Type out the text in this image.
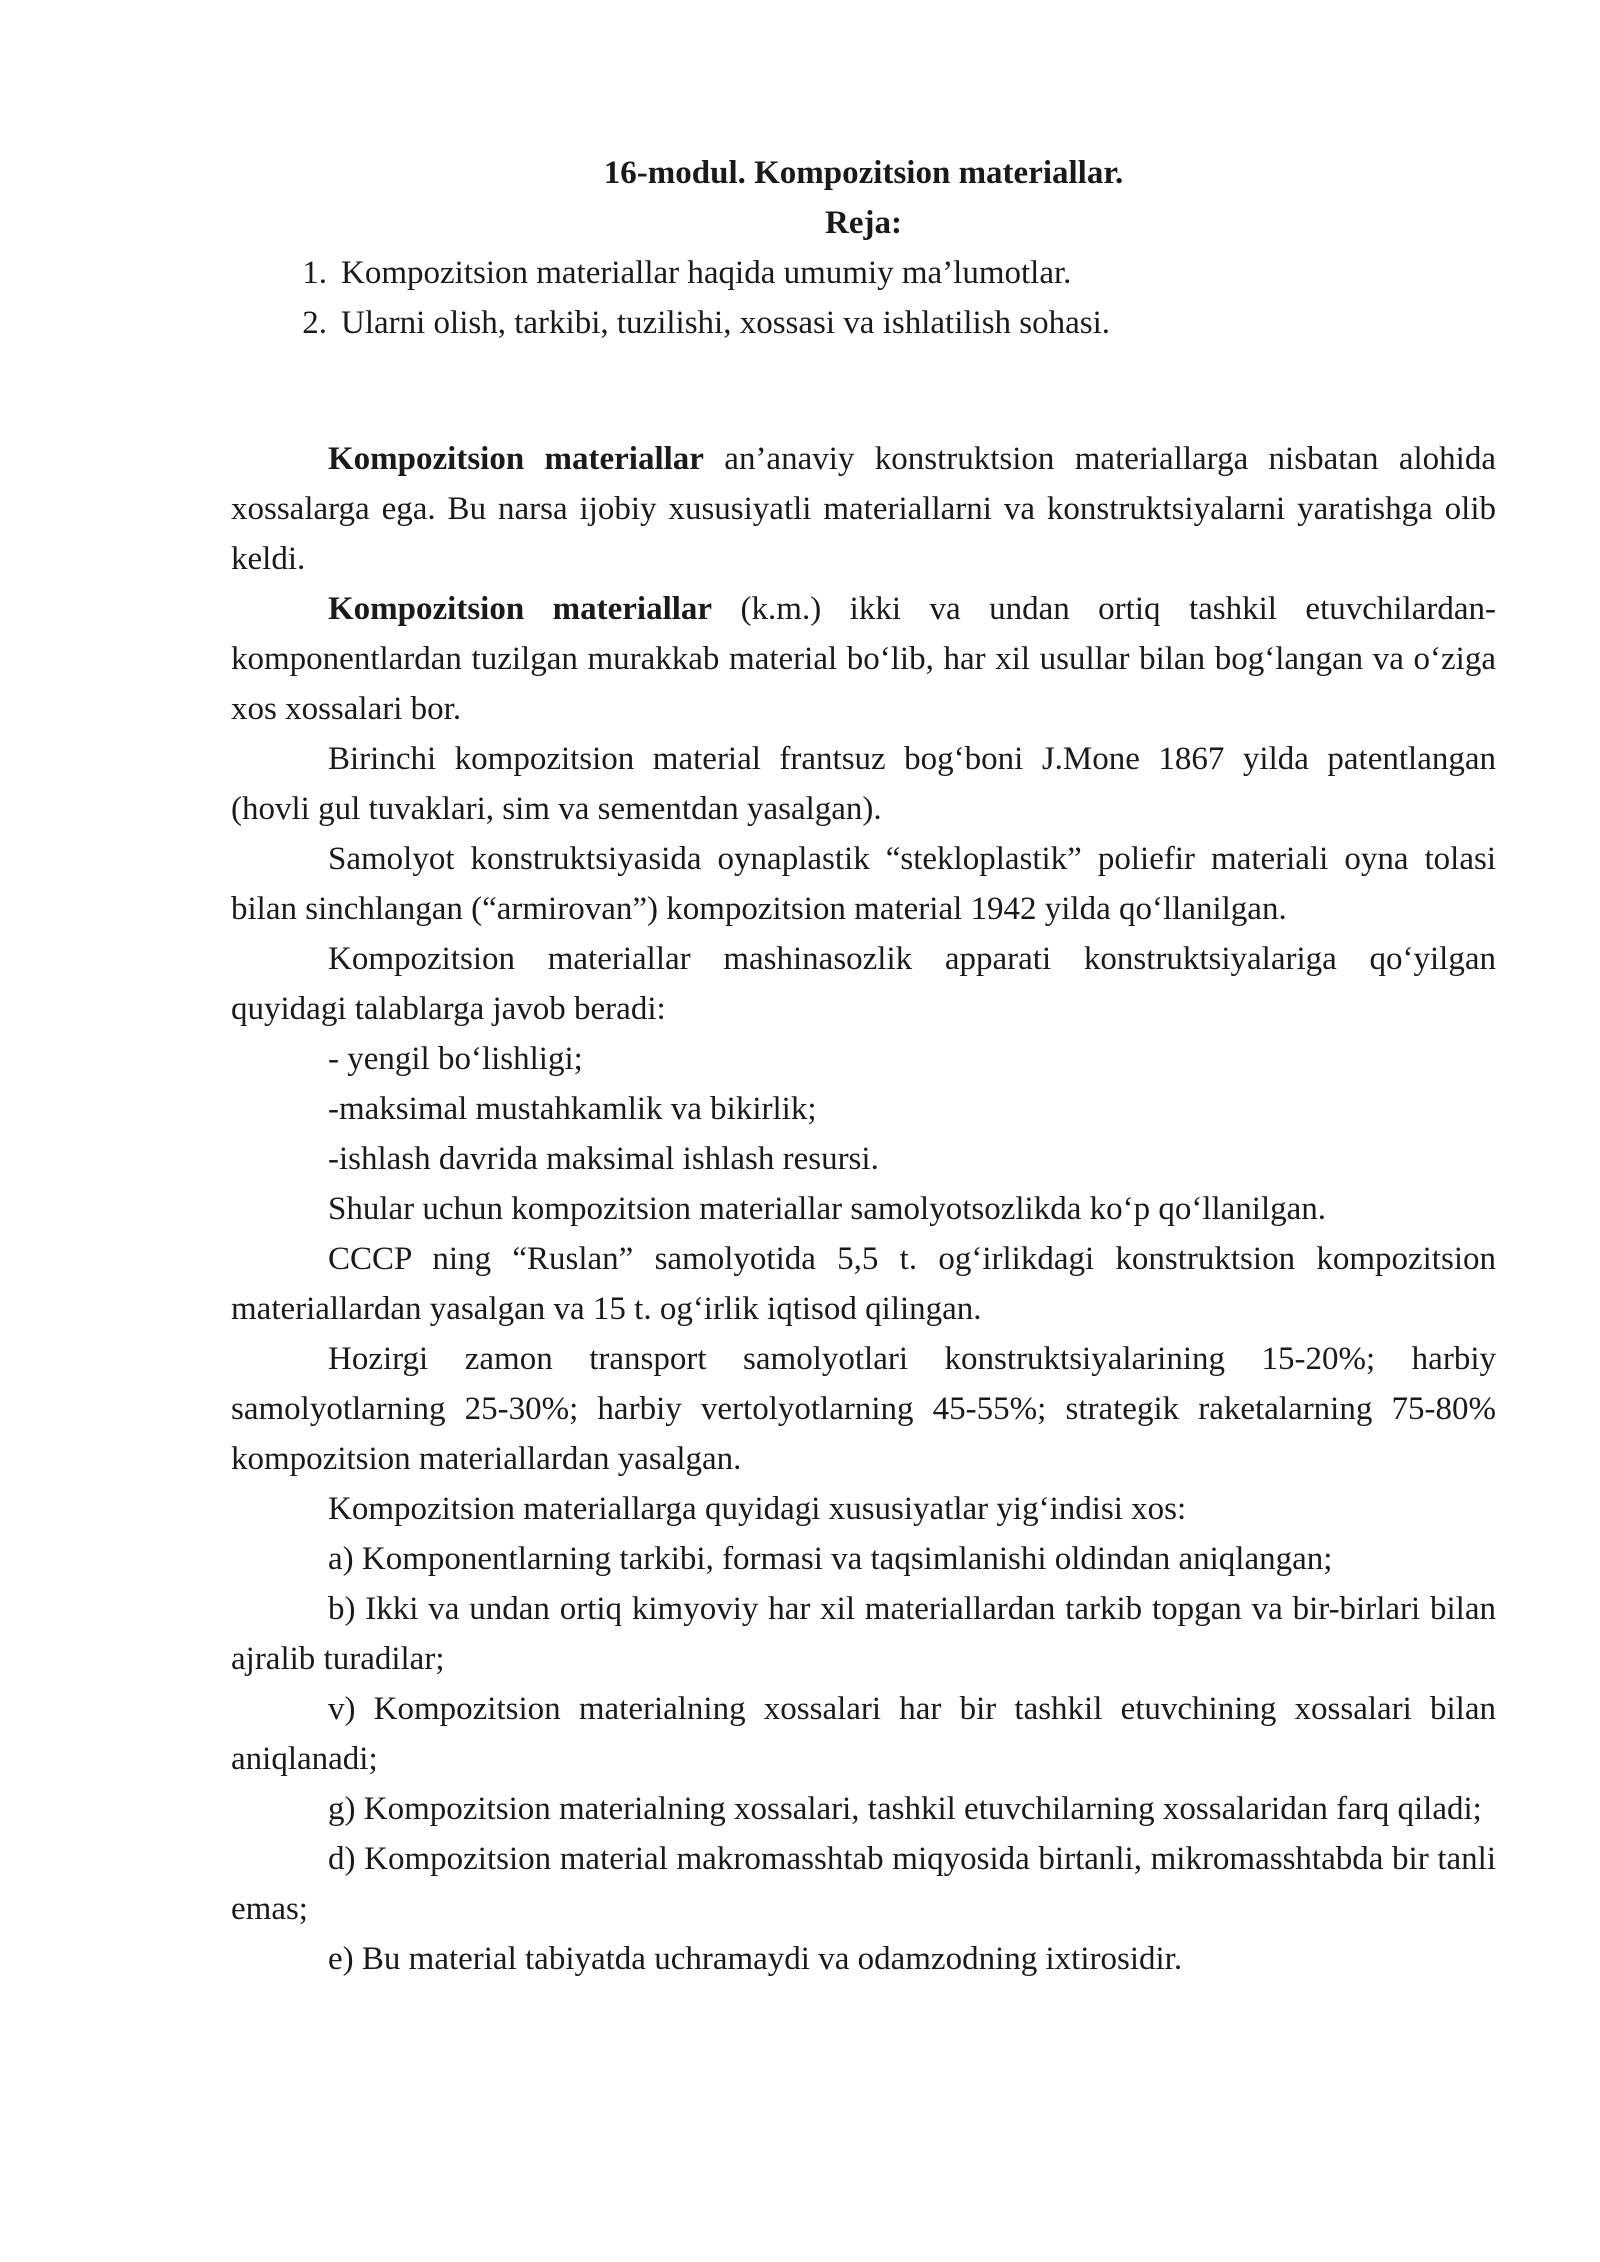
16-modul. Kompozitsion materiallar.

Reja:

1. Kompozitsion materiallar haqida umumiy ma’lumotlar.
2. Ularni olish, tarkibi, tuzilishi, xossasi va ishlatilish sohasi.

Kompozitsion materiallar an’anaviy konstruktsion materiallarga nisbatan alohida xossalarga ega. Bu narsa ijobiy xususiyatli materiallarni va konstruktsiyalarni yaratishga olib keldi.

Kompozitsion materiallar (k.m.) ikki va undan ortiq tashkil etuvchilardan-komponentlardan tuzilgan murakkab material bo‘lib, har xil usullar bilan bog‘langan va o‘ziga xos xossalari bor.

Birinchi kompozitsion material frantsuz bog‘boni J.Mone 1867 yilda patentlangan (hovli gul tuvaklari, sim va sementdan yasalgan).

Samolyot konstruktsiyasida oynaplastik “stekloplastik” poliefir materiali oyna tolasi bilan sinchlangan (“armirovan”) kompozitsion material 1942 yilda qo‘llanilgan.

Kompozitsion materiallar mashinasozlik apparati konstruktsiyalariga qo‘yilgan quyidagi talablarga javob beradi:

- yengil bo‘lishligi;

-maksimal mustahkamlik va bikirlik;

-ishlash davrida maksimal ishlash resursi.

Shular uchun kompozitsion materiallar samolyotsozlikda ko‘p qo‘llanilgan.

CCCP ning “Ruslan” samolyotida 5,5 t. og‘irlikdagi konstruktsion kompozitsion materiallardan yasalgan va 15 t. og‘irlik iqtisod qilingan.

Hozirgi zamon transport samolyotlari konstruktsiyalarining 15-20%; harbiy samolyotlarning 25-30%; harbiy vertolyotlarning 45-55%; strategik raketalarning 75-80% kompozitsion materiallardan yasalgan.

Kompozitsion materiallarga quyidagi xususiyatlar yig‘indisi xos:

a) Komponentlarning tarkibi, formasi va taqsimlanishi oldindan aniqlangan;

b) Ikki va undan ortiq kimyoviy har xil materiallardan tarkib topgan va bir-birlari bilan ajralib turadilar;

v) Kompozitsion materialning xossalari har bir tashkil etuvchining xossalari bilan aniqlanadi;

g) Kompozitsion materialning xossalari, tashkil etuvchilarning xossalaridan farq qiladi;

d) Kompozitsion material makromasshtab miqyosida birtanli, mikromasshtabda bir tanli emas;

e) Bu material tabiyatda uchramaydi va odamzodning ixtirosidir.
